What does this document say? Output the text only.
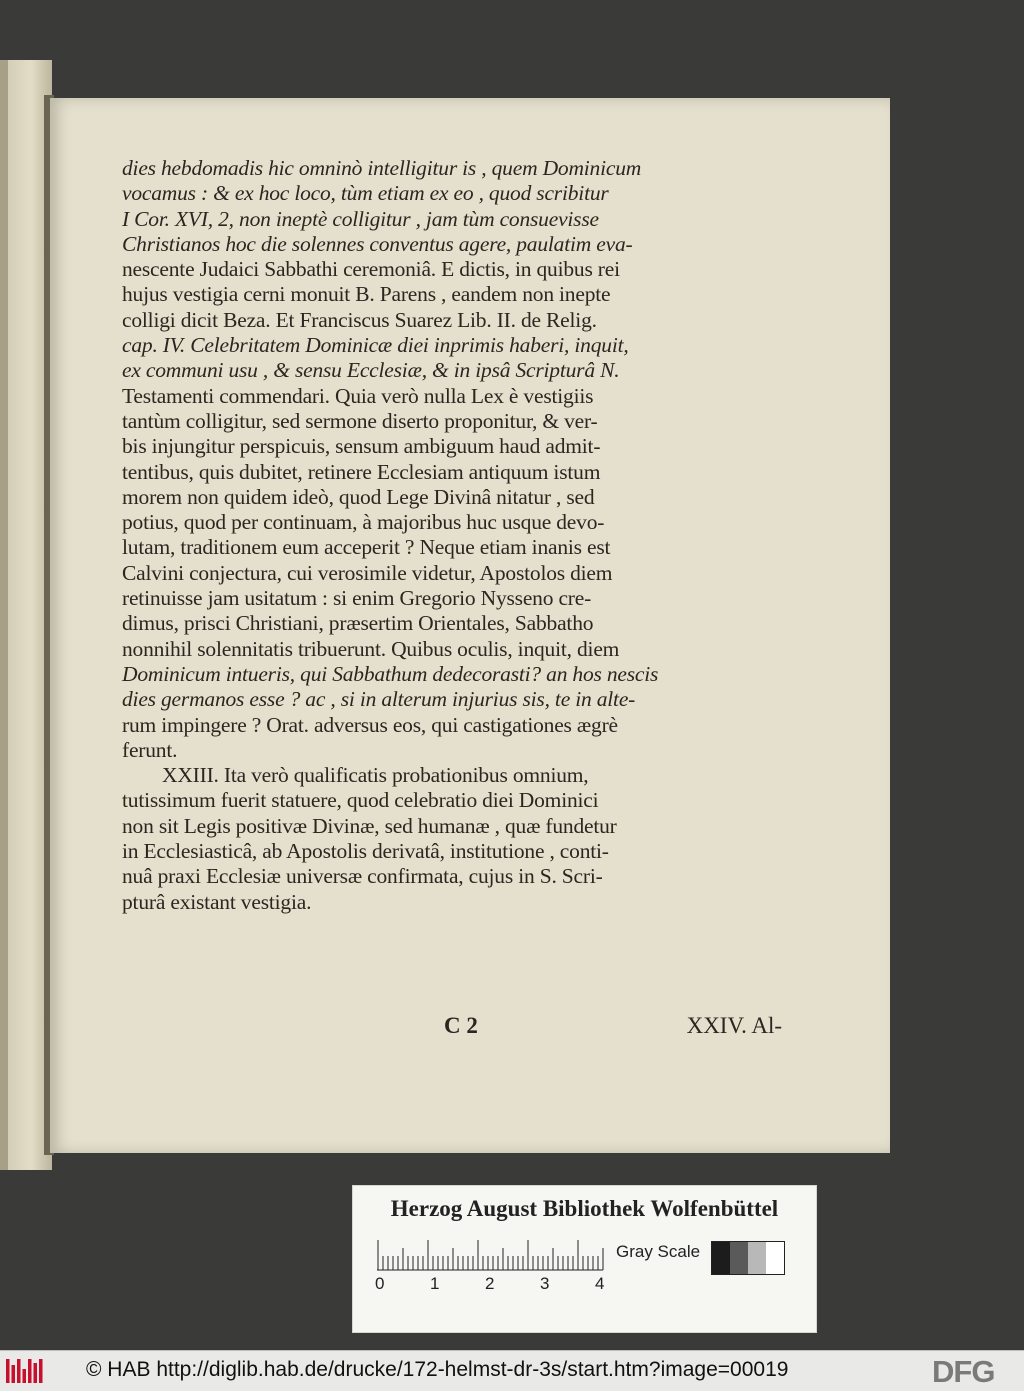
dies hebdomadis hic omninò intelligitur is , quem Dominicum
vocamus : & ex hoc loco, tùm etiam ex eo , quod scribitur
I Cor. XVI, 2, non ineptè colligitur , jam tùm consuevisse
Christianos hoc die solennes conventus agere, paulatim eva-
nescente Judaici Sabbathi ceremoniâ. E dictis, in quibus rei
hujus vestigia cerni monuit B. Parens , eandem non inepte
colligi dicit Beza. Et Franciscus Suarez Lib. II. de Relig.
cap. IV. Celebritatem Dominicæ diei inprimis haberi, inquit,
ex communi usu , & sensu Ecclesiæ, & in ipsâ Scripturâ N.
Testamenti commendari. Quia verò nulla Lex è vestigiis
tantùm colligitur, sed sermone diserto proponitur, & ver-
bis injungitur perspicuis, sensum ambiguum haud admit-
tentibus, quis dubitet, retinere Ecclesiam antiquum istum
morem non quidem ideò, quod Lege Divinâ nitatur , sed
potius, quod per continuam, à majoribus huc usque devo-
lutam, traditionem eum acceperit ? Neque etiam inanis est
Calvini conjectura, cui verosimile videtur, Apostolos diem
retinuisse jam usitatum : si enim Gregorio Nysseno cre-
dimus, prisci Christiani, præsertim Orientales, Sabbatho
nonnihil solennitatis tribuerunt. Quibus oculis, inquit, diem
Dominicum intueris, qui Sabbathum dedecorasti? an hos nescis
dies germanos esse ? ac , si in alterum injurius sis, te in alte-
rum impingere ? Orat. adversus eos, qui castigationes ægrè
ferunt.

XXIII. Ita verò qualificatis probationibus omnium,
tutissimum fuerit statuere, quod celebratio diei Dominici
non sit Legis positivæ Divinæ, sed humanæ , quæ fundetur
in Ecclesiasticâ, ab Apostolis derivatâ, institutione , conti-
nuâ praxi Ecclesiæ universæ confirmata, cujus in S. Scri-
pturâ existant vestigia.

C 2	XXIV. Al-
Herzog August Bibliothek Wolfenbüttel
0	1	2	3	4
Gray Scale
© HAB http://diglib.hab.de/drucke/172-helmst-dr-3s/start.htm?image=00019	DFG
